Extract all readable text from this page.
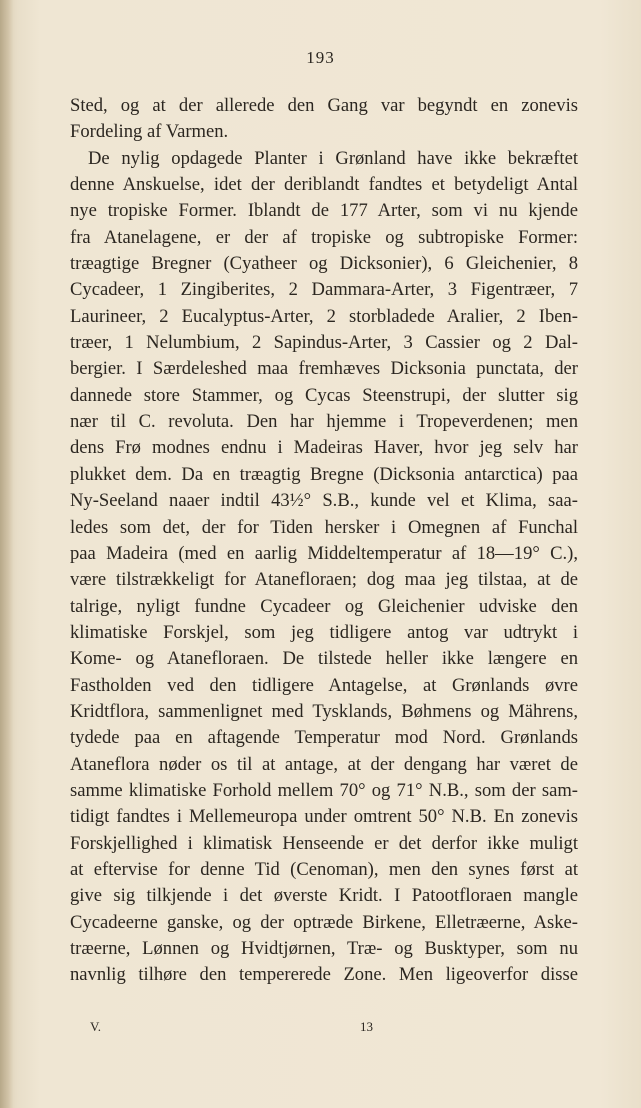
193
Sted, og at der allerede den Gang var begyndt en zonevis
Fordeling af Varmen.
De nylig opdagede Planter i Grønland have ikke bekræftet
denne Anskuelse, idet der deriblandt fandtes et betydeligt Antal
nye tropiske Former. Iblandt de 177 Arter, som vi nu kjende
fra Atanelagene, er der af tropiske og subtropiske Former:
træagtige Bregner (Cyatheer og Dicksonier), 6 Gleichenier, 8
Cycadeer, 1 Zingiberites, 2 Dammara-Arter, 3 Figentræer, 7
Laurineer, 2 Eucalyptus-Arter, 2 storbladede Aralier, 2 Iben-
træer, 1 Nelumbium, 2 Sapindus-Arter, 3 Cassier og 2 Dal-
bergier. I Særdeleshed maa fremhæves Dicksonia punctata, der
dannede store Stammer, og Cycas Steenstrupi, der slutter sig
nær til C. revoluta. Den har hjemme i Tropeverdenen; men
dens Frø modnes endnu i Madeiras Haver, hvor jeg selv har
plukket dem. Da en træagtig Bregne (Dicksonia antarctica) paa
Ny-Seeland naaer indtil 43½° S.B., kunde vel et Klima, saa-
ledes som det, der for Tiden hersker i Omegnen af Funchal
paa Madeira (med en aarlig Middeltemperatur af 18—19° C.),
være tilstrækkeligt for Atanefloraen; dog maa jeg tilstaa, at de
talrige, nyligt fundne Cycadeer og Gleichenier udviske den
klimatiske Forskjel, som jeg tidligere antog var udtrykt i
Kome- og Atanefloraen. De tilstede heller ikke længere en
Fastholden ved den tidligere Antagelse, at Grønlands øvre
Kridtflora, sammenlignet med Tysklands, Bøhmens og Mährens,
tydede paa en aftagende Temperatur mod Nord. Grønlands
Ataneflora nøder os til at antage, at der dengang har været de
samme klimatiske Forhold mellem 70° og 71° N.B., som der sam-
tidigt fandtes i Mellemeuropa under omtrent 50° N.B. En zonevis
Forskjellighed i klimatisk Henseende er det derfor ikke muligt
at eftervise for denne Tid (Cenoman), men den synes først at
give sig tilkjende i det øverste Kridt. I Patootfloraen mangle
Cycadeerne ganske, og der optræde Birkene, Elletræerne, Aske-
træerne, Lønnen og Hvidtjørnen, Træ- og Busktyper, som nu
navnlig tilhøre den tempererede Zone. Men ligeoverfor disse
V.	13
